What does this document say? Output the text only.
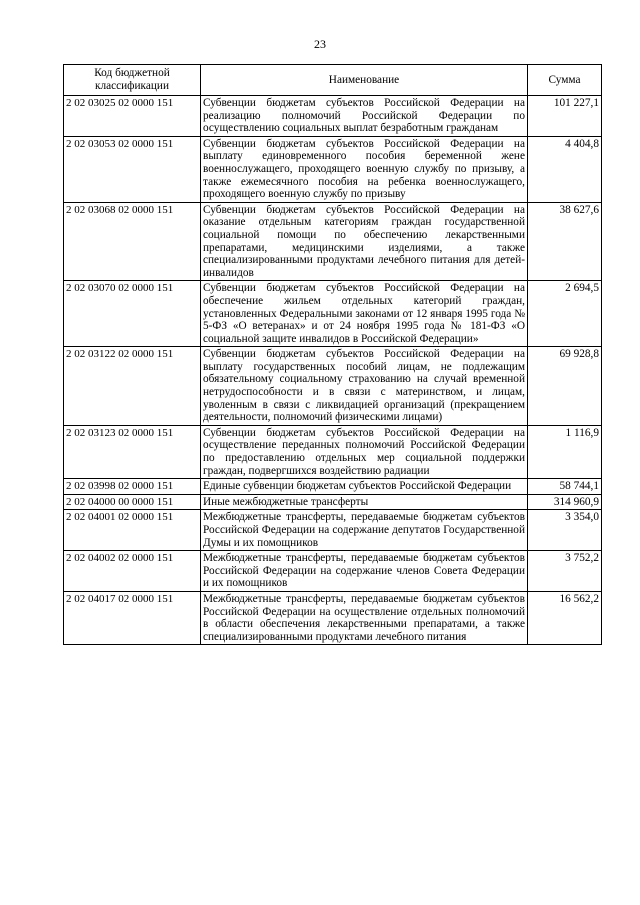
23
Код бюджетной классификации	Наименование	Сумма
2 02 03025 02 0000 151	Субвенции бюджетам субъектов Российской Федерации на реализацию полномочий Российской Федерации по осуществлению социальных выплат безработным гражданам	101 227,1
2 02 03053 02 0000 151	Субвенции бюджетам субъектов Российской Федерации на выплату единовременного пособия беременной жене военнослужащего, проходящего военную службу по призыву, а также ежемесячного пособия на ребенка военнослужащего, проходящего военную службу по призыву	4 404,8
2 02 03068 02 0000 151	Субвенции бюджетам субъектов Российской Федерации на оказание отдельным категориям граждан государственной социальной помощи по обеспечению лекарственными препаратами, медицинскими изделиями, а также специализированными продуктами лечебного питания для детей-инвалидов	38 627,6
2 02 03070 02 0000 151	Субвенции бюджетам субъектов Российской Федерации на обеспечение жильем отдельных категорий граждан, установленных Федеральными законами от 12 января 1995 года № 5-ФЗ «О ветеранах» и от 24 ноября 1995 года № 181-ФЗ «О социальной защите инвалидов в Российской Федерации»	2 694,5
2 02 03122 02 0000 151	Субвенции бюджетам субъектов Российской Федерации на выплату государственных пособий лицам, не подлежащим обязательному социальному страхованию на случай временной нетрудоспособности и в связи с материнством, и лицам, уволенным в связи с ликвидацией организаций (прекращением деятельности, полномочий физическими лицами)	69 928,8
2 02 03123 02 0000 151	Субвенции бюджетам субъектов Российской Федерации на осуществление переданных полномочий Российской Федерации по предоставлению отдельных мер социальной поддержки граждан, подвергшихся воздействию радиации	1 116,9
2 02 03998 02 0000 151	Единые субвенции бюджетам субъектов Российской Федерации	58 744,1
2 02 04000 00 0000 151	Иные межбюджетные трансферты	314 960,9
2 02 04001 02 0000 151	Межбюджетные трансферты, передаваемые бюджетам субъектов Российской Федерации на содержание депутатов Государственной Думы и их помощников	3 354,0
2 02 04002 02 0000 151	Межбюджетные трансферты, передаваемые бюджетам субъектов Российской Федерации на содержание членов Совета Федерации и их помощников	3 752,2
2 02 04017 02 0000 151	Межбюджетные трансферты, передаваемые бюджетам субъектов Российской Федерации на осуществление отдельных полномочий в области обеспечения лекарственными препаратами, а также специализированными продуктами лечебного питания	16 562,2
